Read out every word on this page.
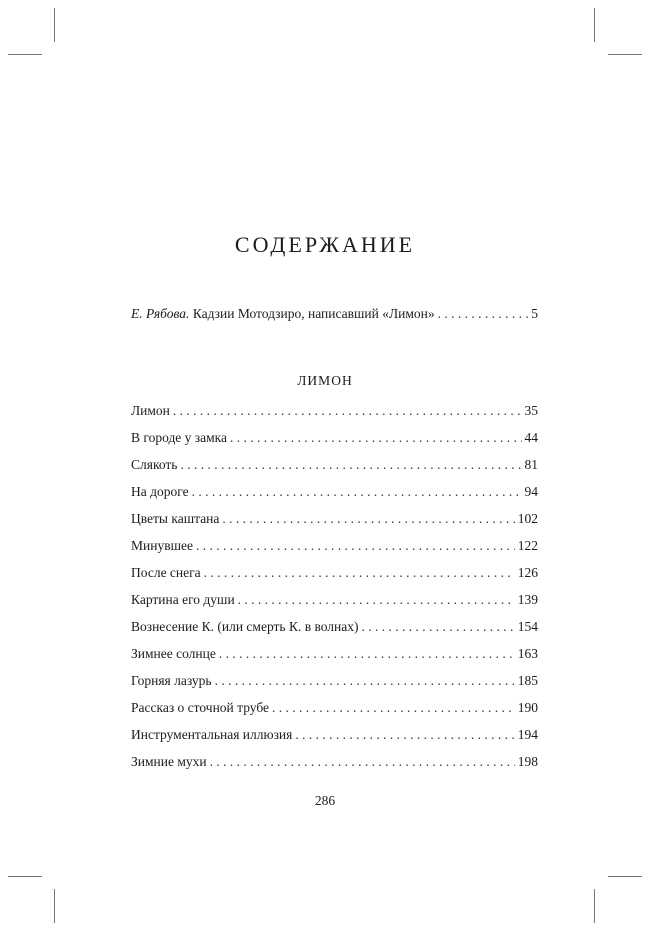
СОДЕРЖАНИЕ
Е. Рябова.
Кадзии Мотодзиро, написавший «Лимон» . . .	5
ЛИМОН
Лимон . . .	35
В городе у замка . . .	44
Слякоть . . .	81
На дороге . . .	94
Цветы каштана . . .	102
Минувшее . . .	122
После снега . . .	126
Картина его души . . .	139
Вознесение К. (или смерть К. в волнах) . . .	154
Зимнее солнце . . .	163
Горняя лазурь . . .	185
Рассказ о сточной трубе . . .	190
Инструментальная иллюзия . . .	194
Зимние мухи . . .	198
286
